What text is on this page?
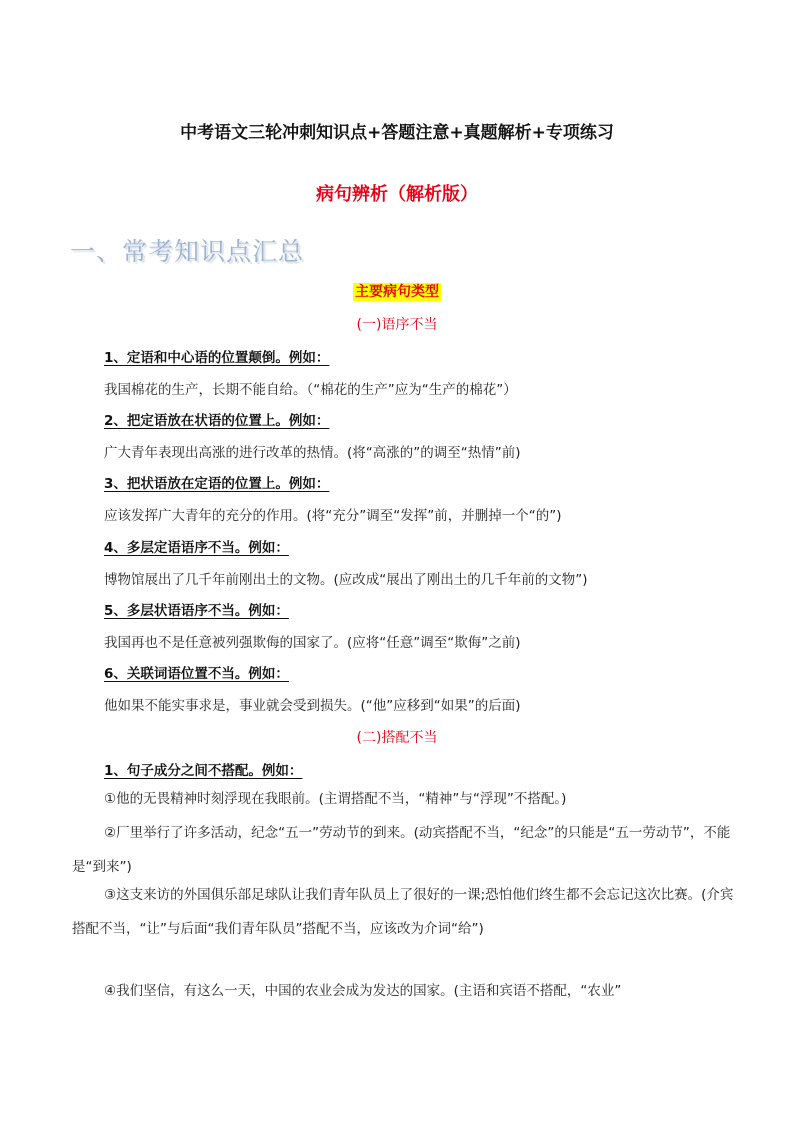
中考语文三轮冲刺知识点+答题注意+真题解析+专项练习
病句辨析（解析版）
一、常考知识点汇总
主要病句类型
(一)语序不当
1、定语和中心语的位置颠倒。例如：
我国棉花的生产，长期不能自给。（“棉花的生产”应为“生产的棉花”）
2、把定语放在状语的位置上。例如：
广大青年表现出高涨的进行改革的热情。(将“高涨的”的调至“热情”前)
3、把状语放在定语的位置上。例如：
应该发挥广大青年的充分的作用。(将“充分”调至“发挥”前，并删掉一个“的”)
4、多层定语语序不当。例如：
博物馆展出了几千年前刚出土的文物。(应改成“展出了刚出土的几千年前的文物”)
5、多层状语语序不当。例如：
我国再也不是任意被列强欺侮的国家了。(应将“任意”调至“欺侮”之前)
6、关联词语位置不当。例如：
他如果不能实事求是，事业就会受到损失。(“他”应移到“如果”的后面)
(二)搭配不当
1、句子成分之间不搭配。例如：
①他的无畏精神时刻浮现在我眼前。(主谓搭配不当，“精神”与“浮现”不搭配。)
②厂里举行了许多活动，纪念“五一”劳动节的到来。(动宾搭配不当，“纪念”的只能是“五一劳动节”，不能是“到来”)
③这支来访的外国俱乐部足球队让我们青年队员上了很好的一课;恐怕他们终生都不会忘记这次比赛。(介宾搭配不当，“让”与后面“我们青年队员”搭配不当，应该改为介词“给”)
④我们坚信，有这么一天，中国的农业会成为发达的国家。(主语和宾语不搭配，“农业”
